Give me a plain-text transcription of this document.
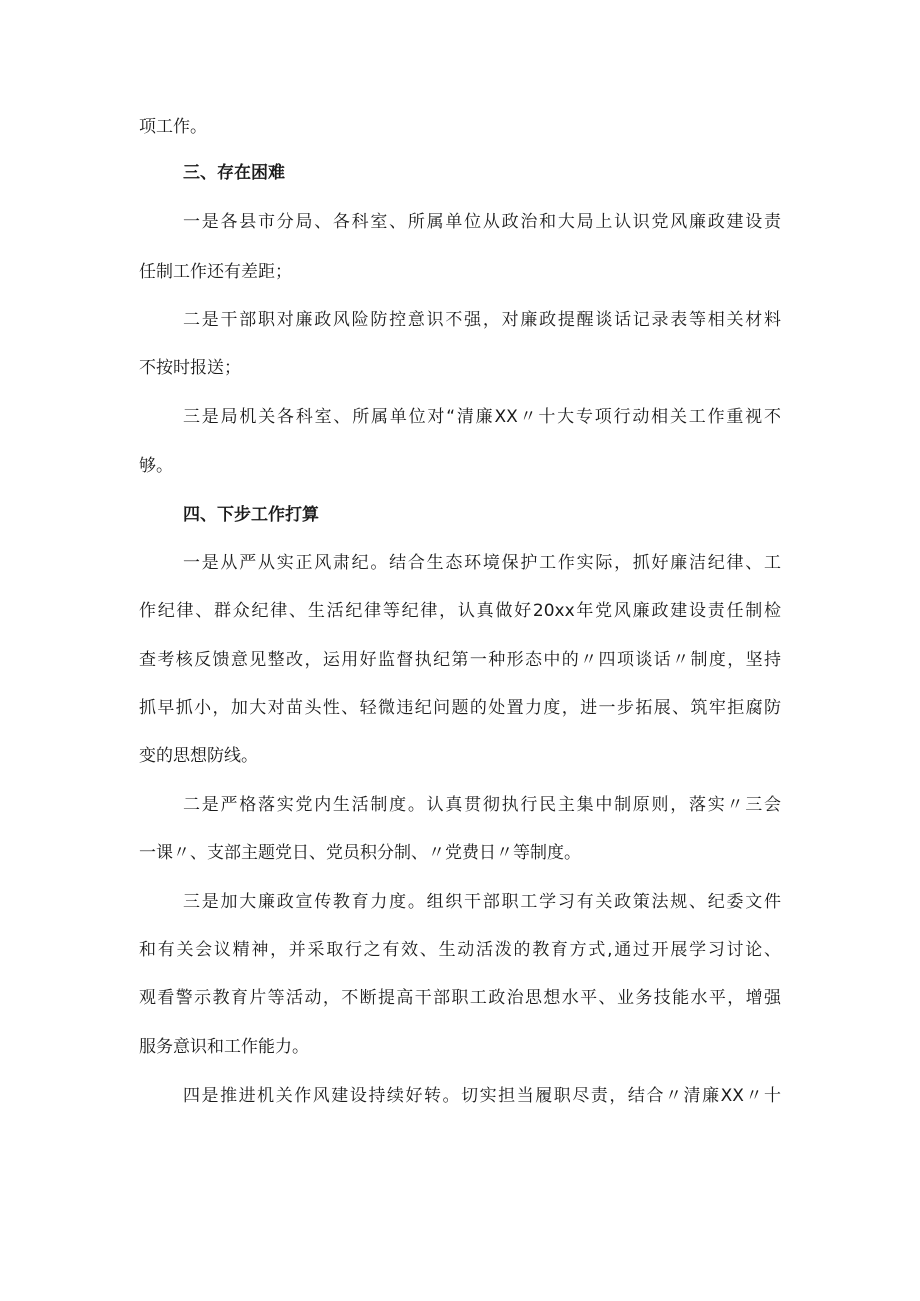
项工作。
三、存在困难
一是各县市分局、各科室、所属单位从政治和大局上认识党风廉政建设责
任制工作还有差距；
二是干部职对廉政风险防控意识不强，对廉政提醒谈话记录表等相关材料
不按时报送；
三是局机关各科室、所属单位对“清廉XX〃十大专项行动相关工作重视不
够。
四、下步工作打算
一是从严从实正风肃纪。结合生态环境保护工作实际，抓好廉洁纪律、工
作纪律、群众纪律、生活纪律等纪律，认真做好20xx年党风廉政建设责任制检
查考核反馈意见整改，运用好监督执纪第一种形态中的〃四项谈话〃制度，坚持
抓早抓小，加大对苗头性、轻微违纪问题的处置力度，进一步拓展、筑牢拒腐防
变的思想防线。
二是严格落实党内生活制度。认真贯彻执行民主集中制原则，落实〃三会
一课〃、支部主题党日、党员积分制、〃党费日〃等制度。
三是加大廉政宣传教育力度。组织干部职工学习有关政策法规、纪委文件
和有关会议精神，并采取行之有效、生动活泼的教育方式,通过开展学习讨论、
观看警示教育片等活动，不断提高干部职工政治思想水平、业务技能水平，增强
服务意识和工作能力。
四是推进机关作风建设持续好转。切实担当履职尽责，结合〃清廉XX〃十
